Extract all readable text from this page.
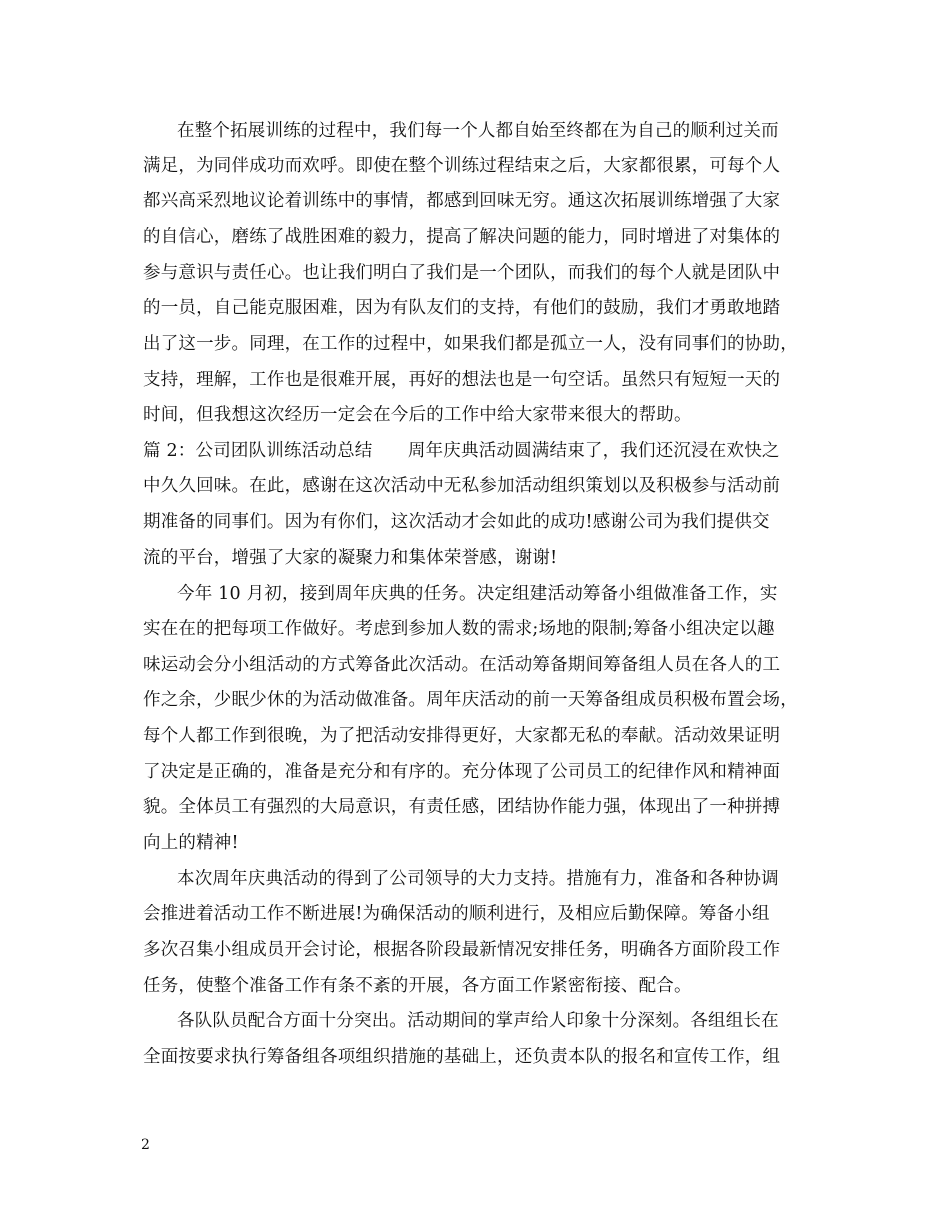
在整个拓展训练的过程中，我们每一个人都自始至终都在为自己的顺利过关而
满足，为同伴成功而欢呼。即使在整个训练过程结束之后，大家都很累，可每个人
都兴高采烈地议论着训练中的事情，都感到回味无穷。通这次拓展训练增强了大家
的自信心，磨练了战胜困难的毅力，提高了解决问题的能力，同时增进了对集体的
参与意识与责任心。也让我们明白了我们是一个团队，而我们的每个人就是团队中
的一员，自己能克服困难，因为有队友们的支持，有他们的鼓励，我们才勇敢地踏
出了这一步。同理，在工作的过程中，如果我们都是孤立一人，没有同事们的协助，
支持，理解，工作也是很难开展，再好的想法也是一句空话。虽然只有短短一天的
时间，但我想这次经历一定会在今后的工作中给大家带来很大的帮助。
篇 2：公司团队训练活动总结　　周年庆典活动圆满结束了，我们还沉浸在欢快之
中久久回味。在此，感谢在这次活动中无私参加活动组织策划以及积极参与活动前
期准备的同事们。因为有你们，这次活动才会如此的成功!感谢公司为我们提供交
流的平台，增强了大家的凝聚力和集体荣誉感，谢谢!
今年 10 月初，接到周年庆典的任务。决定组建活动筹备小组做准备工作，实
实在在的把每项工作做好。考虑到参加人数的需求;场地的限制;筹备小组决定以趣
味运动会分小组活动的方式筹备此次活动。在活动筹备期间筹备组人员在各人的工
作之余，少眠少休的为活动做准备。周年庆活动的前一天筹备组成员积极布置会场，
每个人都工作到很晚，为了把活动安排得更好，大家都无私的奉献。活动效果证明
了决定是正确的，准备是充分和有序的。充分体现了公司员工的纪律作风和精神面
貌。全体员工有强烈的大局意识，有责任感，团结协作能力强，体现出了一种拼搏
向上的精神!
本次周年庆典活动的得到了公司领导的大力支持。措施有力，准备和各种协调
会推进着活动工作不断进展!为确保活动的顺利进行，及相应后勤保障。筹备小组
多次召集小组成员开会讨论，根据各阶段最新情况安排任务，明确各方面阶段工作
任务，使整个准备工作有条不紊的开展，各方面工作紧密衔接、配合。
各队队员配合方面十分突出。活动期间的掌声给人印象十分深刻。各组组长在
全面按要求执行筹备组各项组织措施的基础上，还负责本队的报名和宣传工作，组
2
